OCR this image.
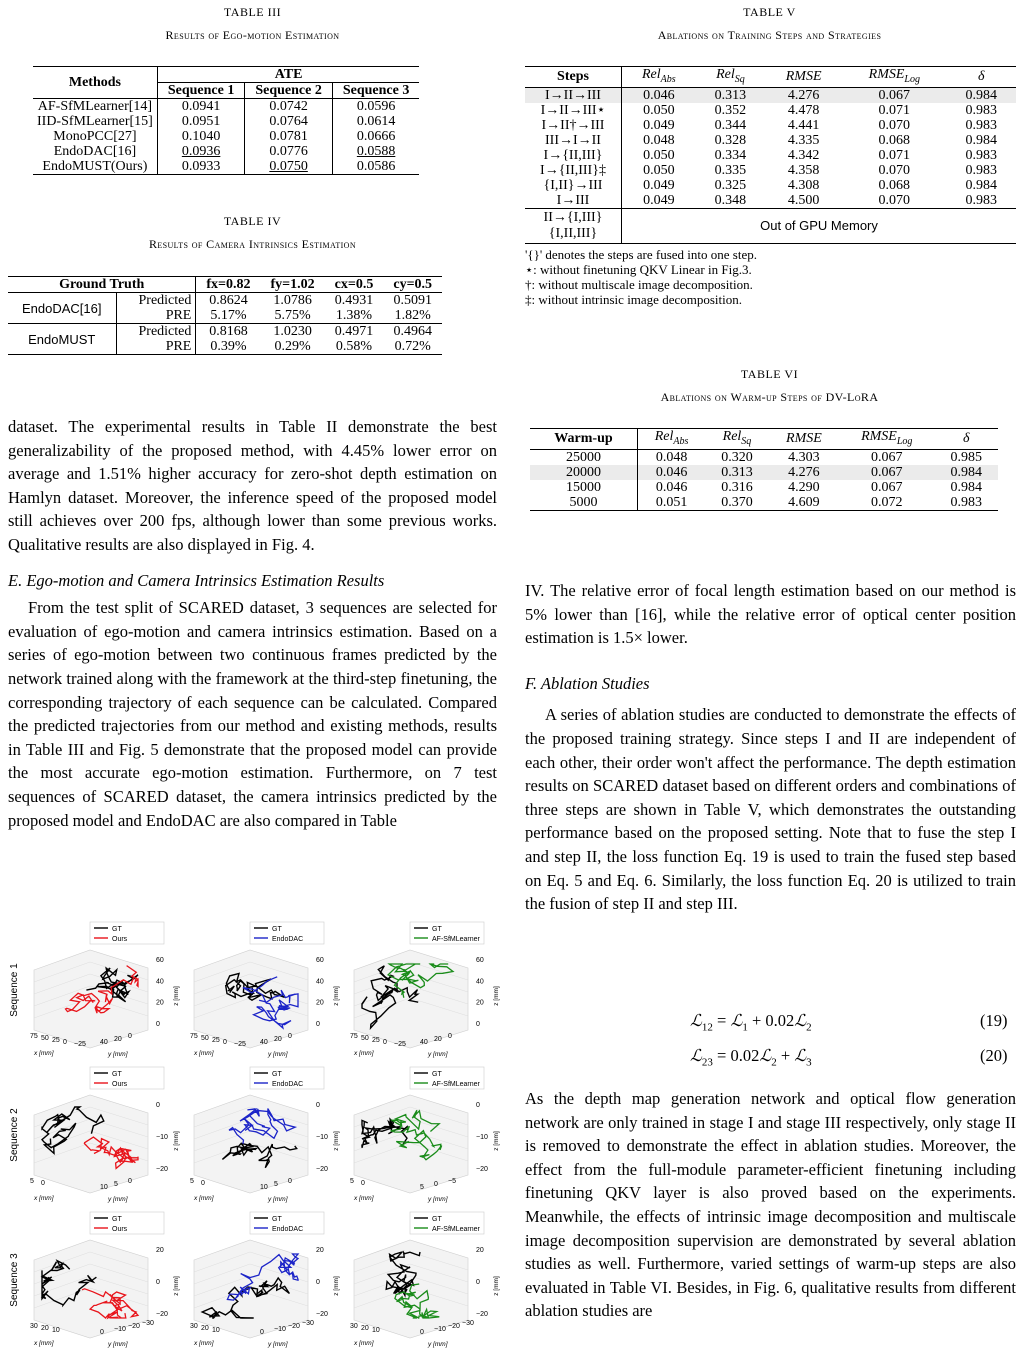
TABLE III
Results of Ego-motion Estimation
Methods	ATE		
	Sequence 1	Sequence 2	Sequence 3
AF-SfMLearner[14]	0.0941	0.0742	0.0596
IID-SfMLearner[15]	0.0951	0.0764	0.0614
MonoPCC[27]	0.1040	0.0781	0.0666
EndoDAC[16]	0.0936	0.0776	0.0588
EndoMUST(Ours)	0.0933	0.0750	0.0586
TABLE IV
Results of Camera Intrinsics Estimation
Ground Truth		fx=0.82	fy=1.02	cx=0.5	cy=0.5
EndoDAC[16]	Predicted	0.8624	1.0786	0.4931	0.5091
	PRE	5.17%	5.75%	1.38%	1.82%
EndoMUST	Predicted	0.8168	1.0230	0.4971	0.4964
	PRE	0.39%	0.29%	0.58%	0.72%
TABLE V
Ablations on Training Steps and Strategies
Steps	Rel$_{Abs}$	Rel$_{Sq}$	RMSE	$RMSE_{Log}$	δ
I→II→III	0.046	0.313	4.276	0.067	0.984
I→II→III⋆	0.050	0.352	4.478	0.071	0.983
I→II†→III	0.049	0.344	4.441	0.070	0.983
III→I→II	0.048	0.328	4.335	0.068	0.984
I→{II,III}	0.050	0.334	4.342	0.071	0.983
I→{II,III}‡	0.050	0.335	4.358	0.070	0.983
{I,II}→III	0.049	0.325	4.308	0.068	0.984
I→III	0.049	0.348	4.500	0.070	0.983

II→{I,III}
{I,II,III}	Out of GPU Memory				
'{}' denotes the steps are fused into one step.
⋆: without finetuning QKV Linear in Fig.3.
†: without multiscale image decomposition.
‡: without intrinsic image decomposition.
TABLE VI
Ablations on Warm-up Steps of DV-LoRA
Warm-up	Rel$_{Abs}$	Rel$_{Sq}$	RMSE	$RMSE_{Log}$	δ
25000	0.048	0.320	4.303	0.067	0.985
20000	0.046	0.313	4.276	0.067	0.984
15000	0.046	0.316	4.290	0.067	0.984
5000	0.051	0.370	4.609	0.072	0.983

dataset. The experimental results in Table II demonstrate the best generalizability of the proposed method, with 4.45% lower error on average and 1.51% higher accuracy for zero-shot depth estimation on Hamlyn dataset. Moreover, the inference speed of the proposed model still achieves over 200 fps, although lower than some previous works. Qualitative results are also displayed in Fig. 4.

E. Ego-motion and Camera Intrinsics Estimation Results

From the test split of SCARED dataset, 3 sequences are selected for evaluation of ego-motion and camera intrinsics estimation. Based on a series of ego-motion between two continuous frames predicted by the network trained along with the framework at the third-step finetuning, the corresponding trajectory of each sequence can be calculated. Compared the predicted trajectories from our method and existing methods, results in Table III and Fig. 5 demonstrate that the proposed model can provide the most accurate ego-motion estimation. Furthermore, on 7 test sequences of SCARED dataset, the camera intrinsics predicted by the proposed model and EndoDAC are also compared in Table

IV. The relative error of focal length estimation based on our method is 5% lower than [16], while the relative error of optical center position estimation is 1.5× lower.

F. Ablation Studies

A series of ablation studies are conducted to demonstrate the effects of the proposed training strategy. Since steps I and II are independent of each other, their order won't affect the performance. The depth estimation results on SCARED dataset based on different orders and combinations of three steps are shown in Table V, which demonstrates the outstanding performance based on the proposed setting. Note that to fuse the step I and step II, the loss function Eq. 19 is used to train the fused step based on Eq. 5 and Eq. 6. Similarly, the loss function Eq. 20 is utilized to train the fusion of step II and step III.

ℒ$_{12}$ = ℒ$_1$ + 0.02ℒ$_2$	(19)
ℒ$_{23}$ = 0.02ℒ$_2$ + ℒ$_3$	(20)

As the depth map generation network and optical flow generation network are only trained in stage I and stage III respectively, only stage II is removed to demonstrate the effect in ablation studies. Moreover, the effect from the full-module parameter-efficient finetuning including finetuning QKV layer is also proved based on the experiments. Meanwhile, the effects of intrinsic image decomposition and multiscale image decomposition supervision are demonstrated by several ablation studies as well. Furthermore, varied settings of warm-up steps are also evaluated in Table VI. Besides, in Fig. 6, qualitative results from different ablation studies are

Sequence 1
GT
Ours
60
40
20
0
z [mm]
75 50 25 0 −25
x [mm]
40 20 0
y [mm]
GT
EndoDAC
60
40
20
0
z [mm]
75 50 25 0 −25
x [mm]
40 20 0
y [mm]
GT
AF-SfMLearner
60
40
20
0
z [mm]
75 50 25 0 −25
x [mm]
40 20 0
y [mm]
Sequence 2
GT
Ours
0
−10
−20
z [mm]
5 0
x [mm]
10 5 0
y [mm]
GT
EndoDAC
0
−10
−20
z [mm]
5 0
x [mm]
10 5 0
y [mm]
GT
AF-SfMLearner
0
−10
−20
z [mm]
5 0
x [mm]
5 0 −5
y [mm]
Sequence 3
GT
Ours
20
0
−20
z [mm]
30 20 10
x [mm]
0 −10 −20 −30
y [mm]
GT
EndoDAC
20
0
−20
z [mm]
30 20 10
x [mm]
0 −10 −20 −30
y [mm]
GT
AF-SfMLearner
20
0
−20
z [mm]
30 20 10
x [mm]
0 −10 −20 −30
y [mm]
